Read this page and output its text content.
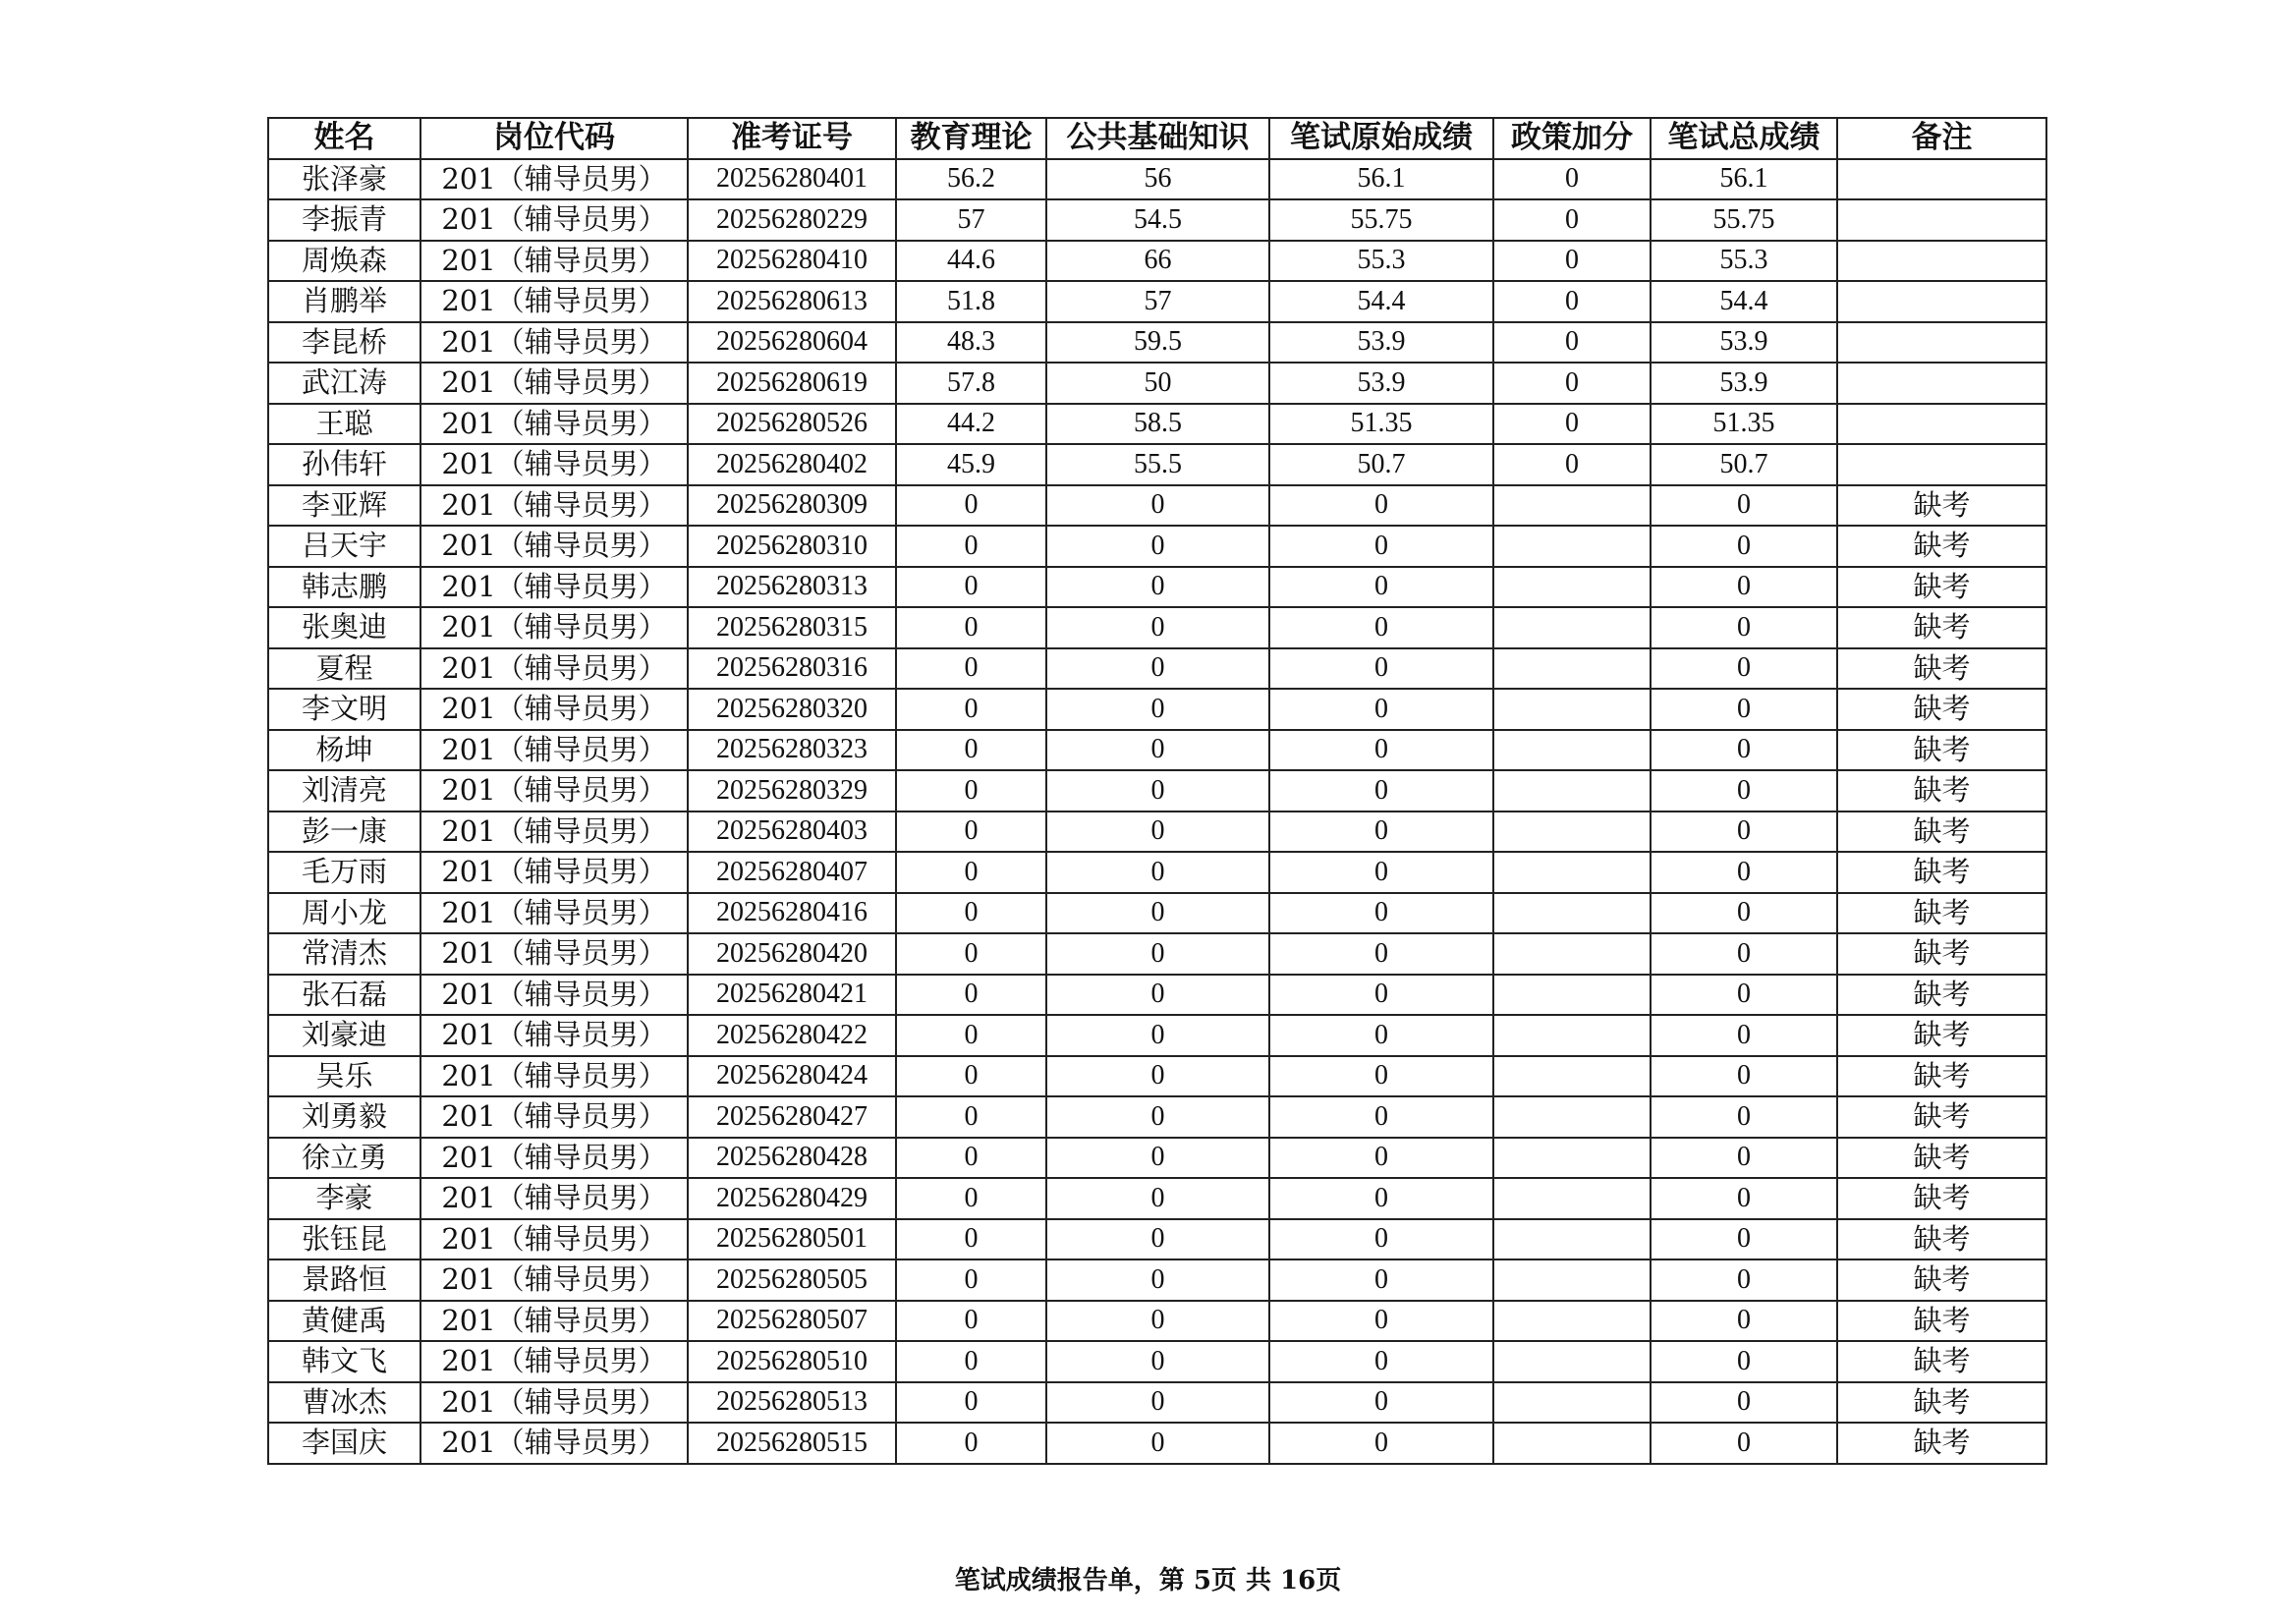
姓名	岗位代码	准考证号	教育理论	公共基础知识	笔试原始成绩	政策加分	笔试总成绩	备注
张泽豪	201（辅导员男）	20256280401	56.2	56	56.1	0	56.1	
李振青	201（辅导员男）	20256280229	57	54.5	55.75	0	55.75	
周焕森	201（辅导员男）	20256280410	44.6	66	55.3	0	55.3	
肖鹏举	201（辅导员男）	20256280613	51.8	57	54.4	0	54.4	
李昆桥	201（辅导员男）	20256280604	48.3	59.5	53.9	0	53.9	
武江涛	201（辅导员男）	20256280619	57.8	50	53.9	0	53.9	
王聪	201（辅导员男）	20256280526	44.2	58.5	51.35	0	51.35	
孙伟轩	201（辅导员男）	20256280402	45.9	55.5	50.7	0	50.7	
李亚辉	201（辅导员男）	20256280309	0	0	0		0	缺考
吕天宇	201（辅导员男）	20256280310	0	0	0		0	缺考
韩志鹏	201（辅导员男）	20256280313	0	0	0		0	缺考
张奥迪	201（辅导员男）	20256280315	0	0	0		0	缺考
夏程	201（辅导员男）	20256280316	0	0	0		0	缺考
李文明	201（辅导员男）	20256280320	0	0	0		0	缺考
杨坤	201（辅导员男）	20256280323	0	0	0		0	缺考
刘清亮	201（辅导员男）	20256280329	0	0	0		0	缺考
彭一康	201（辅导员男）	20256280403	0	0	0		0	缺考
毛万雨	201（辅导员男）	20256280407	0	0	0		0	缺考
周小龙	201（辅导员男）	20256280416	0	0	0		0	缺考
常清杰	201（辅导员男）	20256280420	0	0	0		0	缺考
张石磊	201（辅导员男）	20256280421	0	0	0		0	缺考
刘豪迪	201（辅导员男）	20256280422	0	0	0		0	缺考
吴乐	201（辅导员男）	20256280424	0	0	0		0	缺考
刘勇毅	201（辅导员男）	20256280427	0	0	0		0	缺考
徐立勇	201（辅导员男）	20256280428	0	0	0		0	缺考
李豪	201（辅导员男）	20256280429	0	0	0		0	缺考
张钰昆	201（辅导员男）	20256280501	0	0	0		0	缺考
景路恒	201（辅导员男）	20256280505	0	0	0		0	缺考
黄健禹	201（辅导员男）	20256280507	0	0	0		0	缺考
韩文飞	201（辅导员男）	20256280510	0	0	0		0	缺考
曹冰杰	201（辅导员男）	20256280513	0	0	0		0	缺考
李国庆	201（辅导员男）	20256280515	0	0	0		0	缺考
笔试成绩报告单，第 5页 共 16页
